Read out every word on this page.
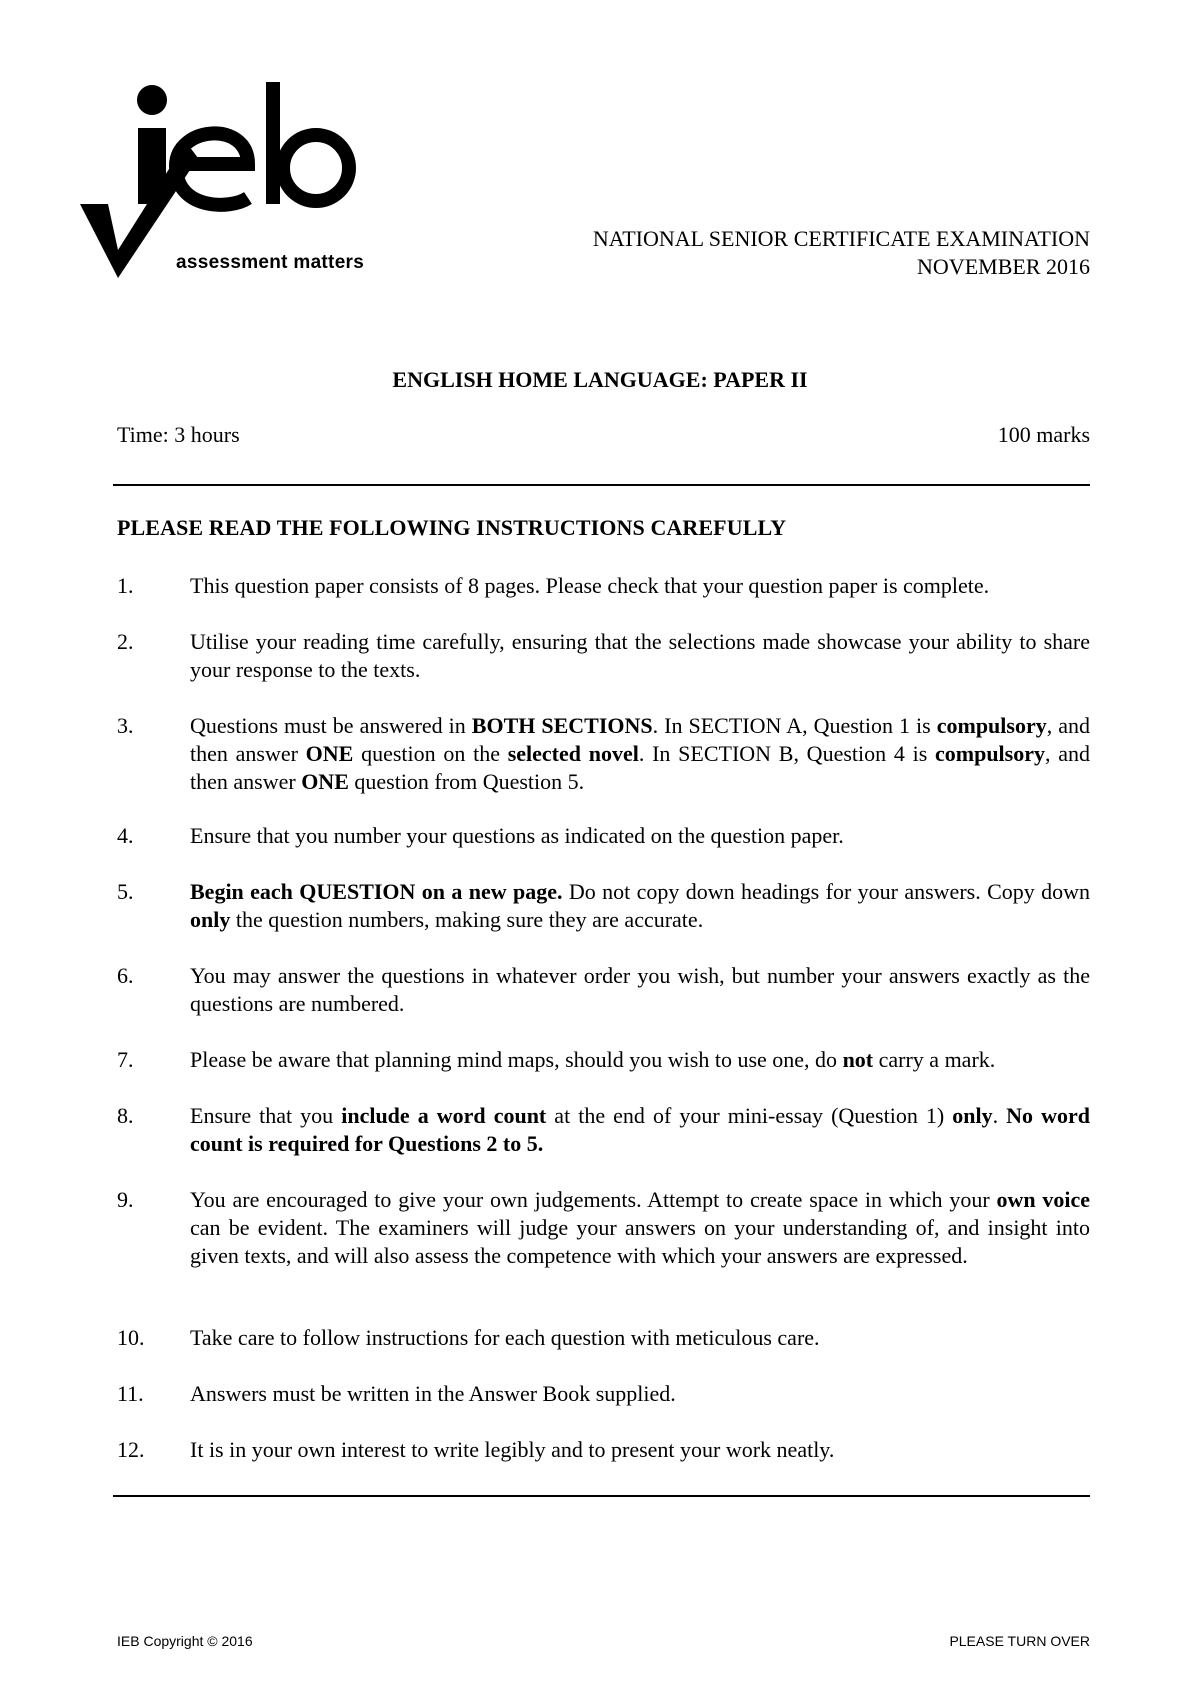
assessment matters
NATIONAL SENIOR CERTIFICATE EXAMINATION
NOVEMBER 2016
ENGLISH HOME LANGUAGE: PAPER II
Time: 3 hours	100 marks
PLEASE READ THE FOLLOWING INSTRUCTIONS CAREFULLY
1.	This question paper consists of 8 pages. Please check that your question paper is complete.
2.	Utilise your reading time carefully, ensuring that the selections made showcase your ability to share your response to the texts.
3.	Questions must be answered in BOTH SECTIONS. In SECTION A, Question 1 is compulsory, and then answer ONE question on the selected novel. In SECTION B, Question 4 is compulsory, and then answer ONE question from Question 5.
4.	Ensure that you number your questions as indicated on the question paper.
5.	Begin each QUESTION on a new page. Do not copy down headings for your answers. Copy down only the question numbers, making sure they are accurate.
6.	You may answer the questions in whatever order you wish, but number your answers exactly as the questions are numbered.
7.	Please be aware that planning mind maps, should you wish to use one, do not carry a mark.
8.	Ensure that you include a word count at the end of your mini-essay (Question 1) only. No word count is required for Questions 2 to 5.
9.	You are encouraged to give your own judgements. Attempt to create space in which your own voice can be evident. The examiners will judge your answers on your understanding of, and insight into given texts, and will also assess the competence with which your answers are expressed.
10.	Take care to follow instructions for each question with meticulous care.
11.	Answers must be written in the Answer Book supplied.
12.	It is in your own interest to write legibly and to present your work neatly.
IEB Copyright © 2016	PLEASE TURN OVER
